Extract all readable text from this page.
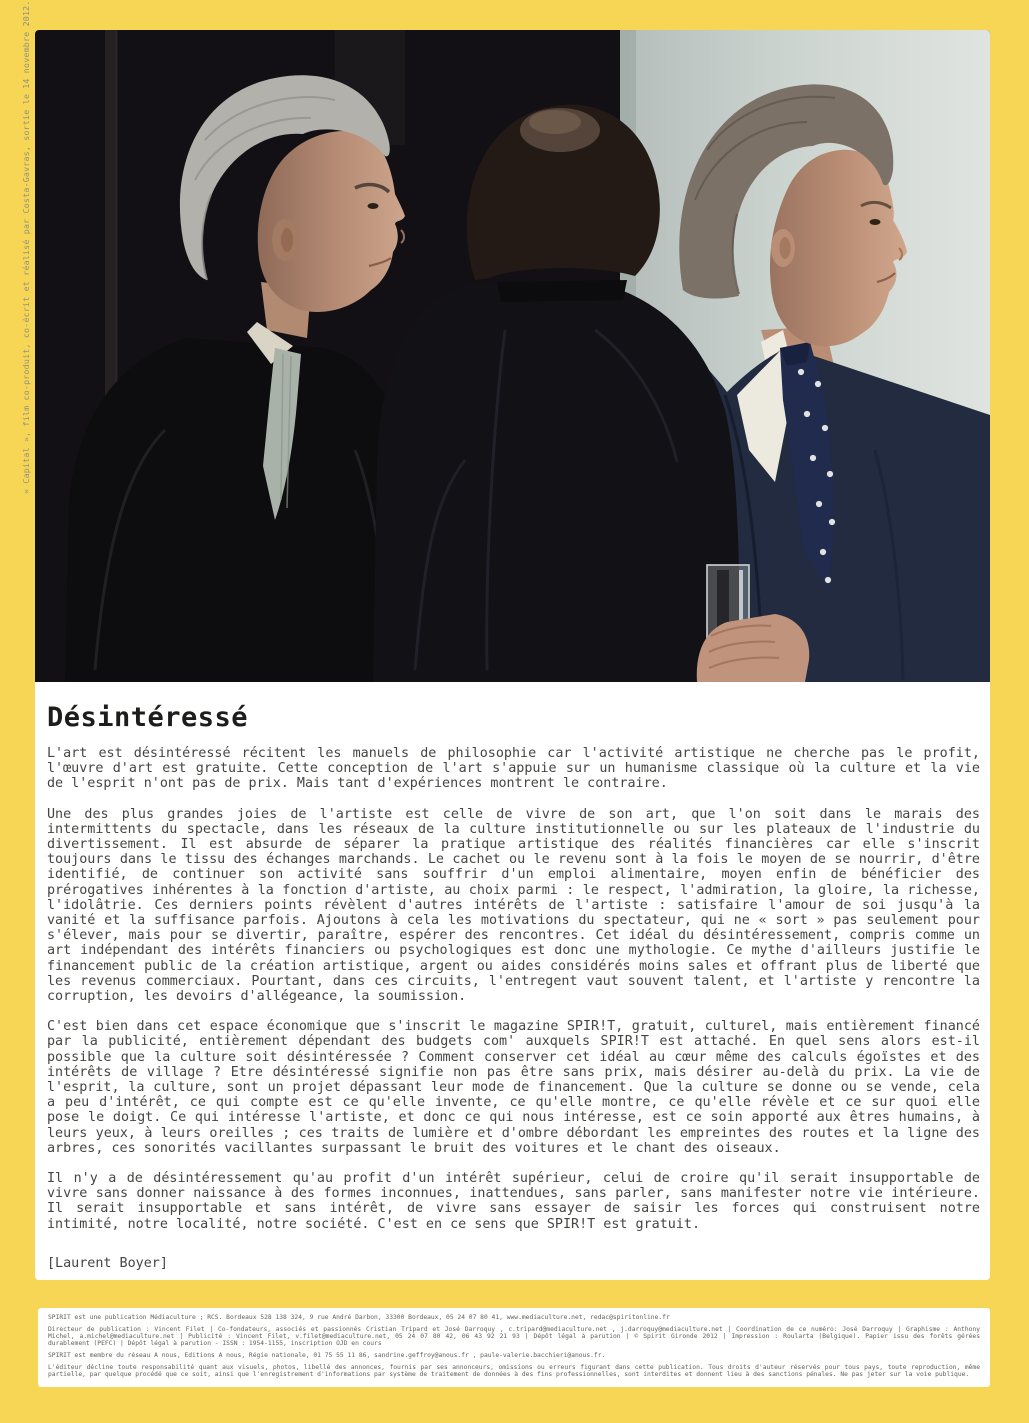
« Capital », film co-produit, co-écrit et réalisé par Costa-Gavras, sortie le 14 novembre 2012.
Désintéressé

L'art est désintéressé récitent les manuels de philosophie car l'activité artistique ne cherche pas le profit, l'œuvre d'art est gratuite. Cette conception de l'art s'appuie sur un humanisme classique où la culture et la vie de l'esprit n'ont pas de prix. Mais tant d'expériences montrent le contraire.

Une des plus grandes joies de l'artiste est celle de vivre de son art, que l'on soit dans le marais des intermittents du spectacle, dans les réseaux de la culture institutionnelle ou sur les plateaux de l'industrie du divertissement. Il est absurde de séparer la pratique artistique des réalités financières car elle s'inscrit toujours dans le tissu des échanges marchands. Le cachet ou le revenu sont à la fois le moyen de se nourrir, d'être identifié, de continuer son activité sans souffrir d'un emploi alimentaire, moyen enfin de bénéficier des prérogatives inhérentes à la fonction d'artiste, au choix parmi : le respect, l'admiration, la gloire, la richesse, l'idolâtrie. Ces derniers points révèlent d'autres intérêts de l'artiste : satisfaire l'amour de soi jusqu'à la vanité et la suffisance parfois. Ajoutons à cela les motivations du spectateur, qui ne « sort » pas seulement pour s'élever, mais pour se divertir, paraître, espérer des rencontres. Cet idéal du désintéressement, compris comme un art indépendant des intérêts financiers ou psychologiques est donc une mythologie. Ce mythe d'ailleurs justifie le financement public de la création artistique, argent ou aides considérés moins sales et offrant plus de liberté que les revenus commerciaux. Pourtant, dans ces circuits, l'entregent vaut souvent talent, et l'artiste y rencontre la corruption, les devoirs d'allégeance, la soumission.

C'est bien dans cet espace économique que s'inscrit le magazine SPIR!T, gratuit, culturel, mais entièrement financé par la publicité, entièrement dépendant des budgets com' auxquels SPIR!T est attaché. En quel sens alors est-il possible que la culture soit désintéressée ? Comment conserver cet idéal au cœur même des calculs égoïstes et des intérêts de village ? Etre désintéressé signifie non pas être sans prix, mais désirer au-delà du prix. La vie de l'esprit, la culture, sont un projet dépassant leur mode de financement. Que la culture se donne ou se vende, cela a peu d'intérêt, ce qui compte est ce qu'elle invente, ce qu'elle montre, ce qu'elle révèle et ce sur quoi elle pose le doigt. Ce qui intéresse l'artiste, et donc ce qui nous intéresse, est ce soin apporté aux êtres humains, à leurs yeux, à leurs oreilles ; ces traits de lumière et d'ombre débordant les empreintes des routes et la ligne des arbres, ces sonorités vacillantes surpassant le bruit des voitures et le chant des oiseaux.

Il n'y a de désintéressement qu'au profit d'un intérêt supérieur, celui de croire qu'il serait insupportable de vivre sans donner naissance à des formes inconnues, inattendues, sans parler, sans manifester notre vie intérieure. Il serait insupportable et sans intérêt, de vivre sans essayer de saisir les forces qui construisent notre intimité, notre localité, notre société. C'est en ce sens que SPIR!T est gratuit.

[Laurent Boyer]

SPIRIT est une publication Médiaculture ; RCS. Bordeaux 528 138 324, 9 rue André Darbon, 33300 Bordeaux, 05 24 07 80 41, www.mediaculture.net, redac@spiritonline.fr

Directeur de publication : Vincent Filet | Co-fondateurs, associés et passionnés Cristian Tripard et José Darroquy , c.tripard@mediaculture.net , j.darroquy@mediaculture.net | Coordination de ce numéro: José Darroquy | Graphisme : Anthony Michel, a.michel@mediaculture.net | Publicité : Vincent Filet, v.filet@mediaculture.net, 05 24 07 80 42, 06 43 92 21 93 | Dépôt légal à parution | © Spirit Gironde 2012 | Impression : Roularta (Belgique). Papier issu des forêts gérées durablement (PEFC) | Dépôt légal à parution - ISSN : 1954-1155, inscription OJD en cours

SPIRIT est membre du réseau A nous, Editions A nous, Régie nationale, 01 75 55 11 86, sandrine.geffroy@anous.fr , paule-valerie.bacchieri@anous.fr.

L'éditeur décline toute responsabilité quant aux visuels, photos, libellé des annonces, fournis par ses annonceurs, omissions ou erreurs figurant dans cette publication. Tous droits d'auteur réservés pour tous pays, toute reproduction, même partielle, par quelque procédé que ce soit, ainsi que l'enregistrement d'informations par système de traitement de données à des fins professionnelles, sont interdites et donnent lieu à des sanctions pénales. Ne pas jeter sur la voie publique.
